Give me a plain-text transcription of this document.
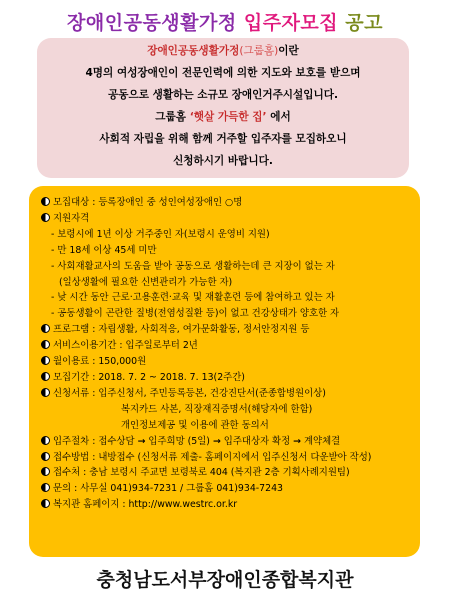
장애인공동생활가정 입주자모집 공고
장애인공동생활가정(그룹홈)이란
4명의 여성장애인이 전문인력에 의한 지도와 보호를 받으며
공동으로 생활하는 소규모 장애인거주시설입니다.
그룹홈 ‘햇살 가득한 집’ 에서
사회적 자립을 위해 함께 거주할 입주자를 모집하오니
신청하시기 바랍니다.
모집대상 : 등록장애인 중 성인여성장애인 ○명
지원자격
- 보령시에 1년 이상 거주중인 자(보령시 운영비 지원)
- 만 18세 이상 45세 미만
- 사회재활교사의 도움을 받아 공동으로 생활하는데 큰 지장이 없는 자
(일상생활에 필요한 신변관리가 가능한 자)
- 낮 시간 동안 근로·고용훈련·교육 및 재활훈련 등에 참여하고 있는 자
- 공동생활이 곤란한 질병(전염성질환 등)이 없고 건강상태가 양호한 자
프로그램 : 자립생활, 사회적응, 여가문화활동, 정서안정지원 등
서비스이용기간 : 입주일로부터 2년
월이용료 : 150,000원
모집기간 : 2018. 7. 2 ~ 2018. 7. 13(2주간)
신청서류 : 입주신청서, 주민등록등본, 건강진단서(준종합병원이상)
복지카드 사본, 직장재직증명서(해당자에 한함)
개인정보제공 및 이용에 관한 동의서
입주절차 : 접수상담 → 입주희망 (5일) → 입주대상자 확정 → 계약체결
접수방법 : 내방접수 (신청서류 제출- 홈페이지에서 입주신청서 다운받아 작성)
접수처 : 충남 보령시 주교면 보령북로 404 (복지관 2층 기획사례지원팀)
문의 : 사무실 041)934-7231 / 그룹홈 041)934-7243
복지관 홈페이지 : http://www.westrc.or.kr
충청남도서부장애인종합복지관
